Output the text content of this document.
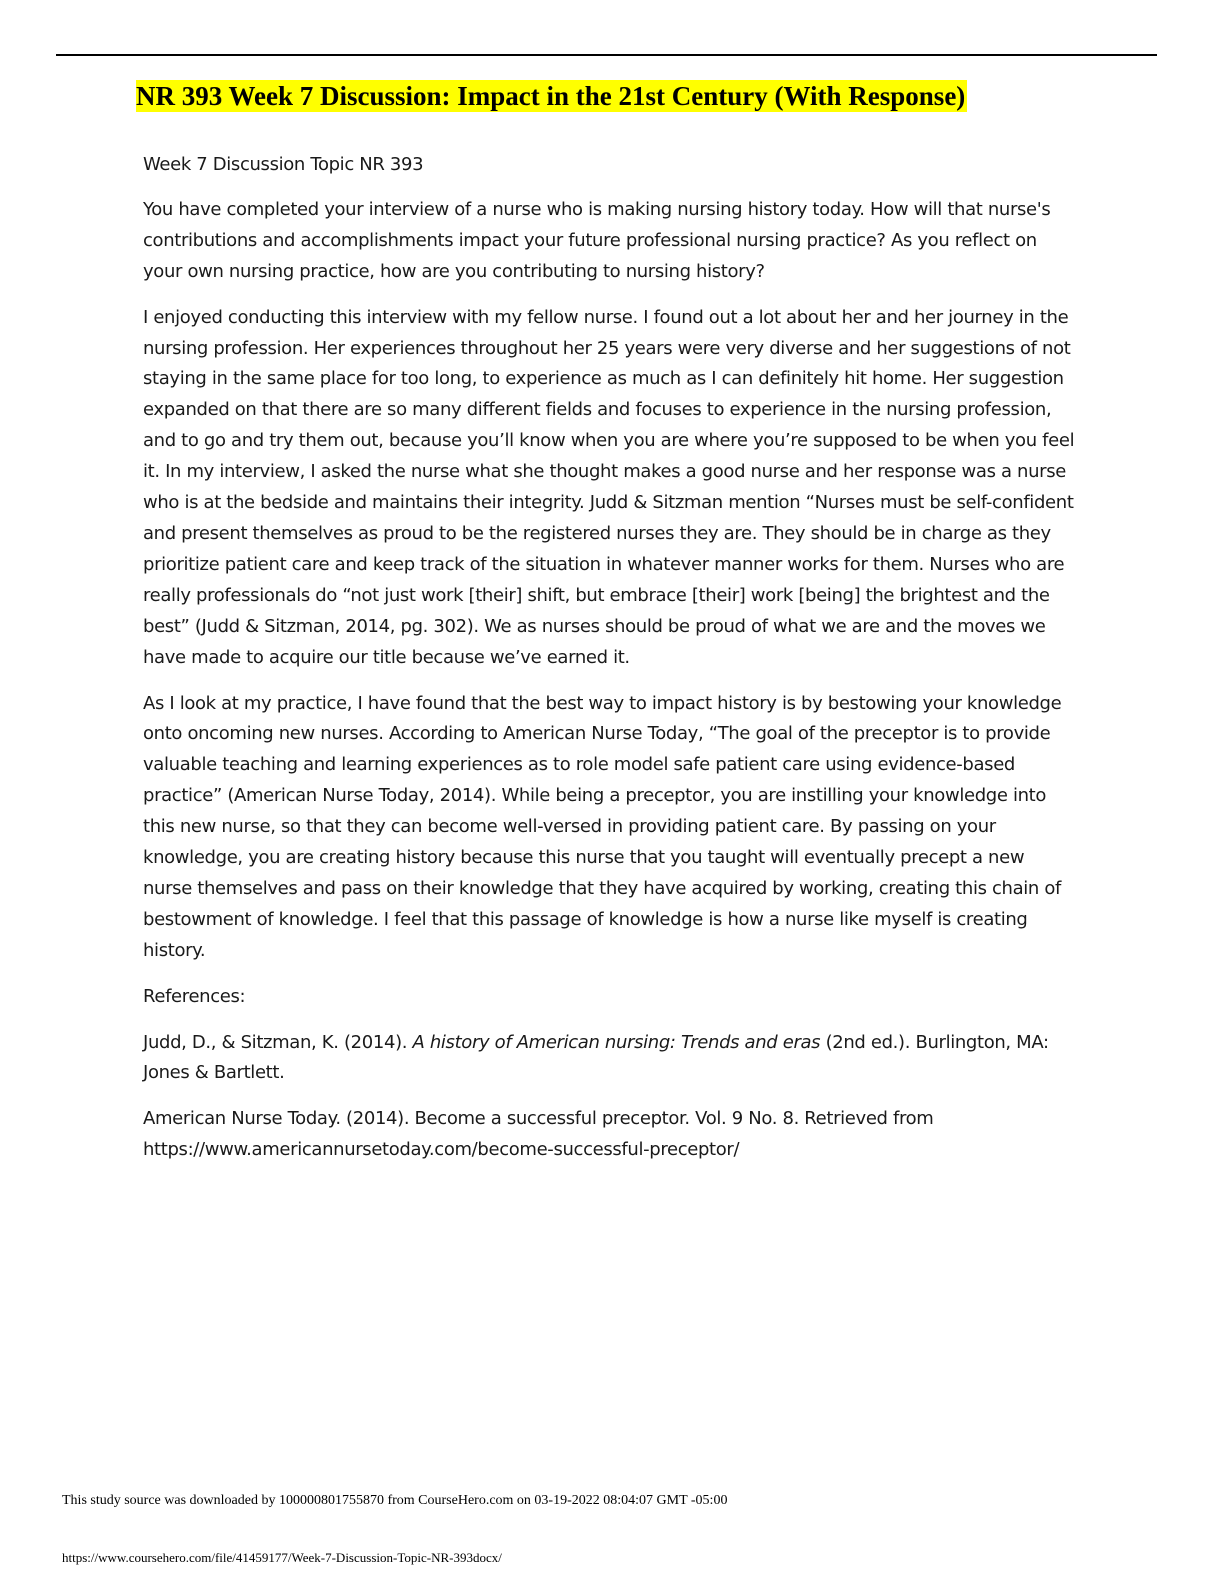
NR 393 Week 7 Discussion: Impact in the 21st Century (With Response)

Week 7 Discussion Topic NR 393

You have completed your interview of a nurse who is making nursing history today. How will that nurse's contributions and accomplishments impact your future professional nursing practice? As you reflect on your own nursing practice, how are you contributing to nursing history?

I enjoyed conducting this interview with my fellow nurse. I found out a lot about her and her journey in the nursing profession. Her experiences throughout her 25 years were very diverse and her suggestions of not staying in the same place for too long, to experience as much as I can definitely hit home. Her suggestion expanded on that there are so many different fields and focuses to experience in the nursing profession, and to go and try them out, because you’ll know when you are where you’re supposed to be when you feel it. In my interview, I asked the nurse what she thought makes a good nurse and her response was a nurse who is at the bedside and maintains their integrity. Judd & Sitzman mention “Nurses must be self-confident and present themselves as proud to be the registered nurses they are. They should be in charge as they prioritize patient care and keep track of the situation in whatever manner works for them. Nurses who are really professionals do “not just work [their] shift, but embrace [their] work [being] the brightest and the best” (Judd & Sitzman, 2014, pg. 302). We as nurses should be proud of what we are and the moves we have made to acquire our title because we’ve earned it.

As I look at my practice, I have found that the best way to impact history is by bestowing your knowledge onto oncoming new nurses. According to American Nurse Today, “The goal of the preceptor is to provide valuable teaching and learning experiences as to role model safe patient care using evidence-based practice” (American Nurse Today, 2014). While being a preceptor, you are instilling your knowledge into this new nurse, so that they can become well-versed in providing patient care. By passing on your knowledge, you are creating history because this nurse that you taught will eventually precept a new nurse themselves and pass on their knowledge that they have acquired by working, creating this chain of bestowment of knowledge. I feel that this passage of knowledge is how a nurse like myself is creating history.

References:

Judd, D., & Sitzman, K. (2014). A history of American nursing: Trends and eras (2nd ed.). Burlington, MA: Jones & Bartlett.

American Nurse Today. (2014). Become a successful preceptor. Vol. 9 No. 8. Retrieved from https://www.americannursetoday.com/become-successful-preceptor/

This study source was downloaded by 100000801755870 from CourseHero.com on 03-19-2022 08:04:07 GMT -05:00
https://www.coursehero.com/file/41459177/Week-7-Discussion-Topic-NR-393docx/
